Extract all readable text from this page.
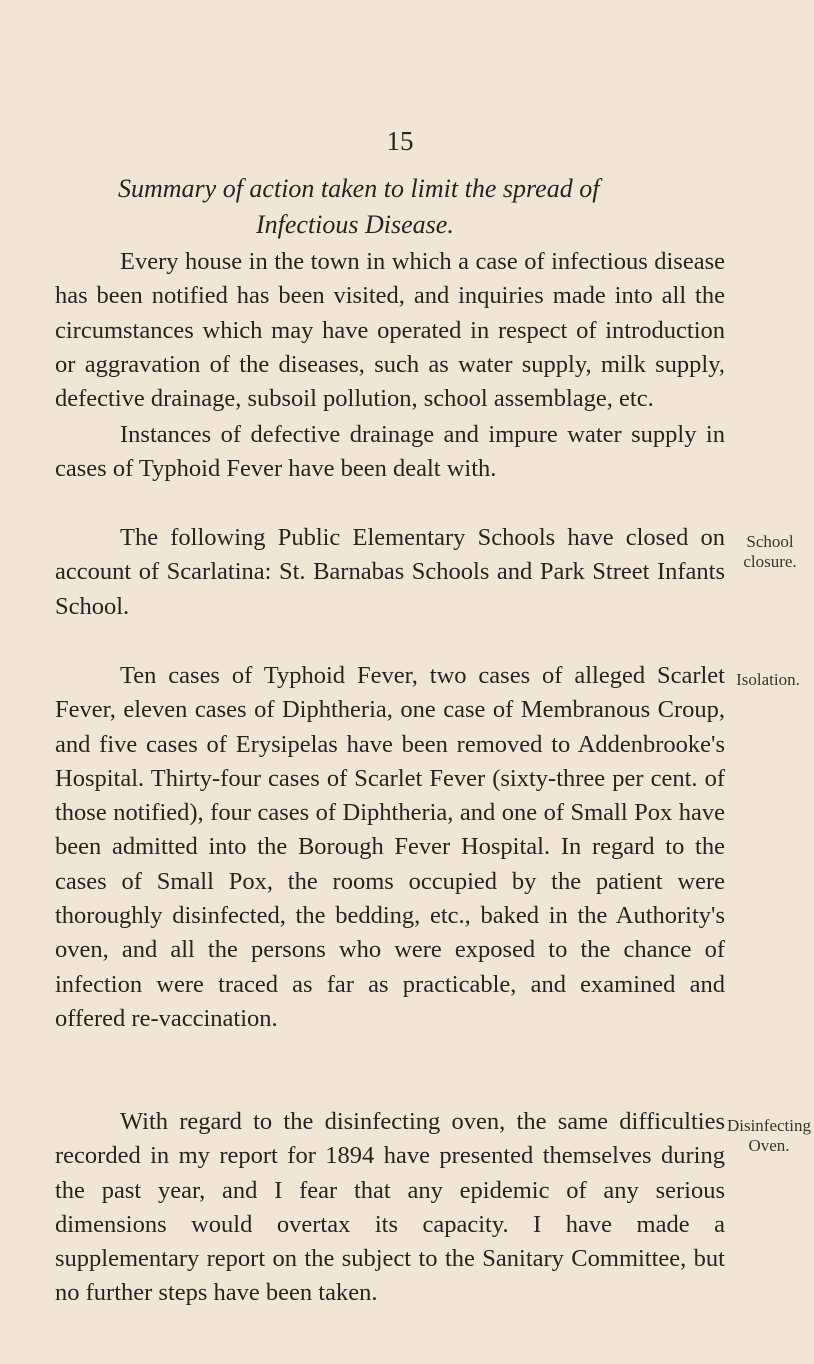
15
Summary of action taken to limit the spread of
Infectious Disease.

Every house in the town in which a case of infectious disease has been notified has been visited, and inquiries made into all the circumstances which may have operated in respect of introduction or aggravation of the diseases, such as water supply, milk supply, defective drainage, subsoil pollution, school assemblage, etc.

Instances of defective drainage and impure water supply in cases of Typhoid Fever have been dealt with.

The following Public Elementary Schools have closed on account of Scarlatina: St. Barnabas Schools and Park Street Infants School.

Ten cases of Typhoid Fever, two cases of alleged Scarlet Fever, eleven cases of Diphtheria, one case of Membranous Croup, and five cases of Erysipelas have been removed to Addenbrooke's Hospital. Thirty-four cases of Scarlet Fever (sixty-three per cent. of those notified), four cases of Diphtheria, and one of Small Pox have been admitted into the Borough Fever Hospital. In regard to the cases of Small Pox, the rooms occupied by the patient were thoroughly disinfected, the bedding, etc., baked in the Authority's oven, and all the persons who were exposed to the chance of infection were traced as far as practicable, and examined and offered re-vaccination.

With regard to the disinfecting oven, the same difficulties recorded in my report for 1894 have presented themselves during the past year, and I fear that any epidemic of any serious dimensions would overtax its capacity. I have made a supplementary report on the subject to the Sanitary Committee, but no further steps have been taken.

School
closure.
Isolation.
Disinfecting
Oven.
